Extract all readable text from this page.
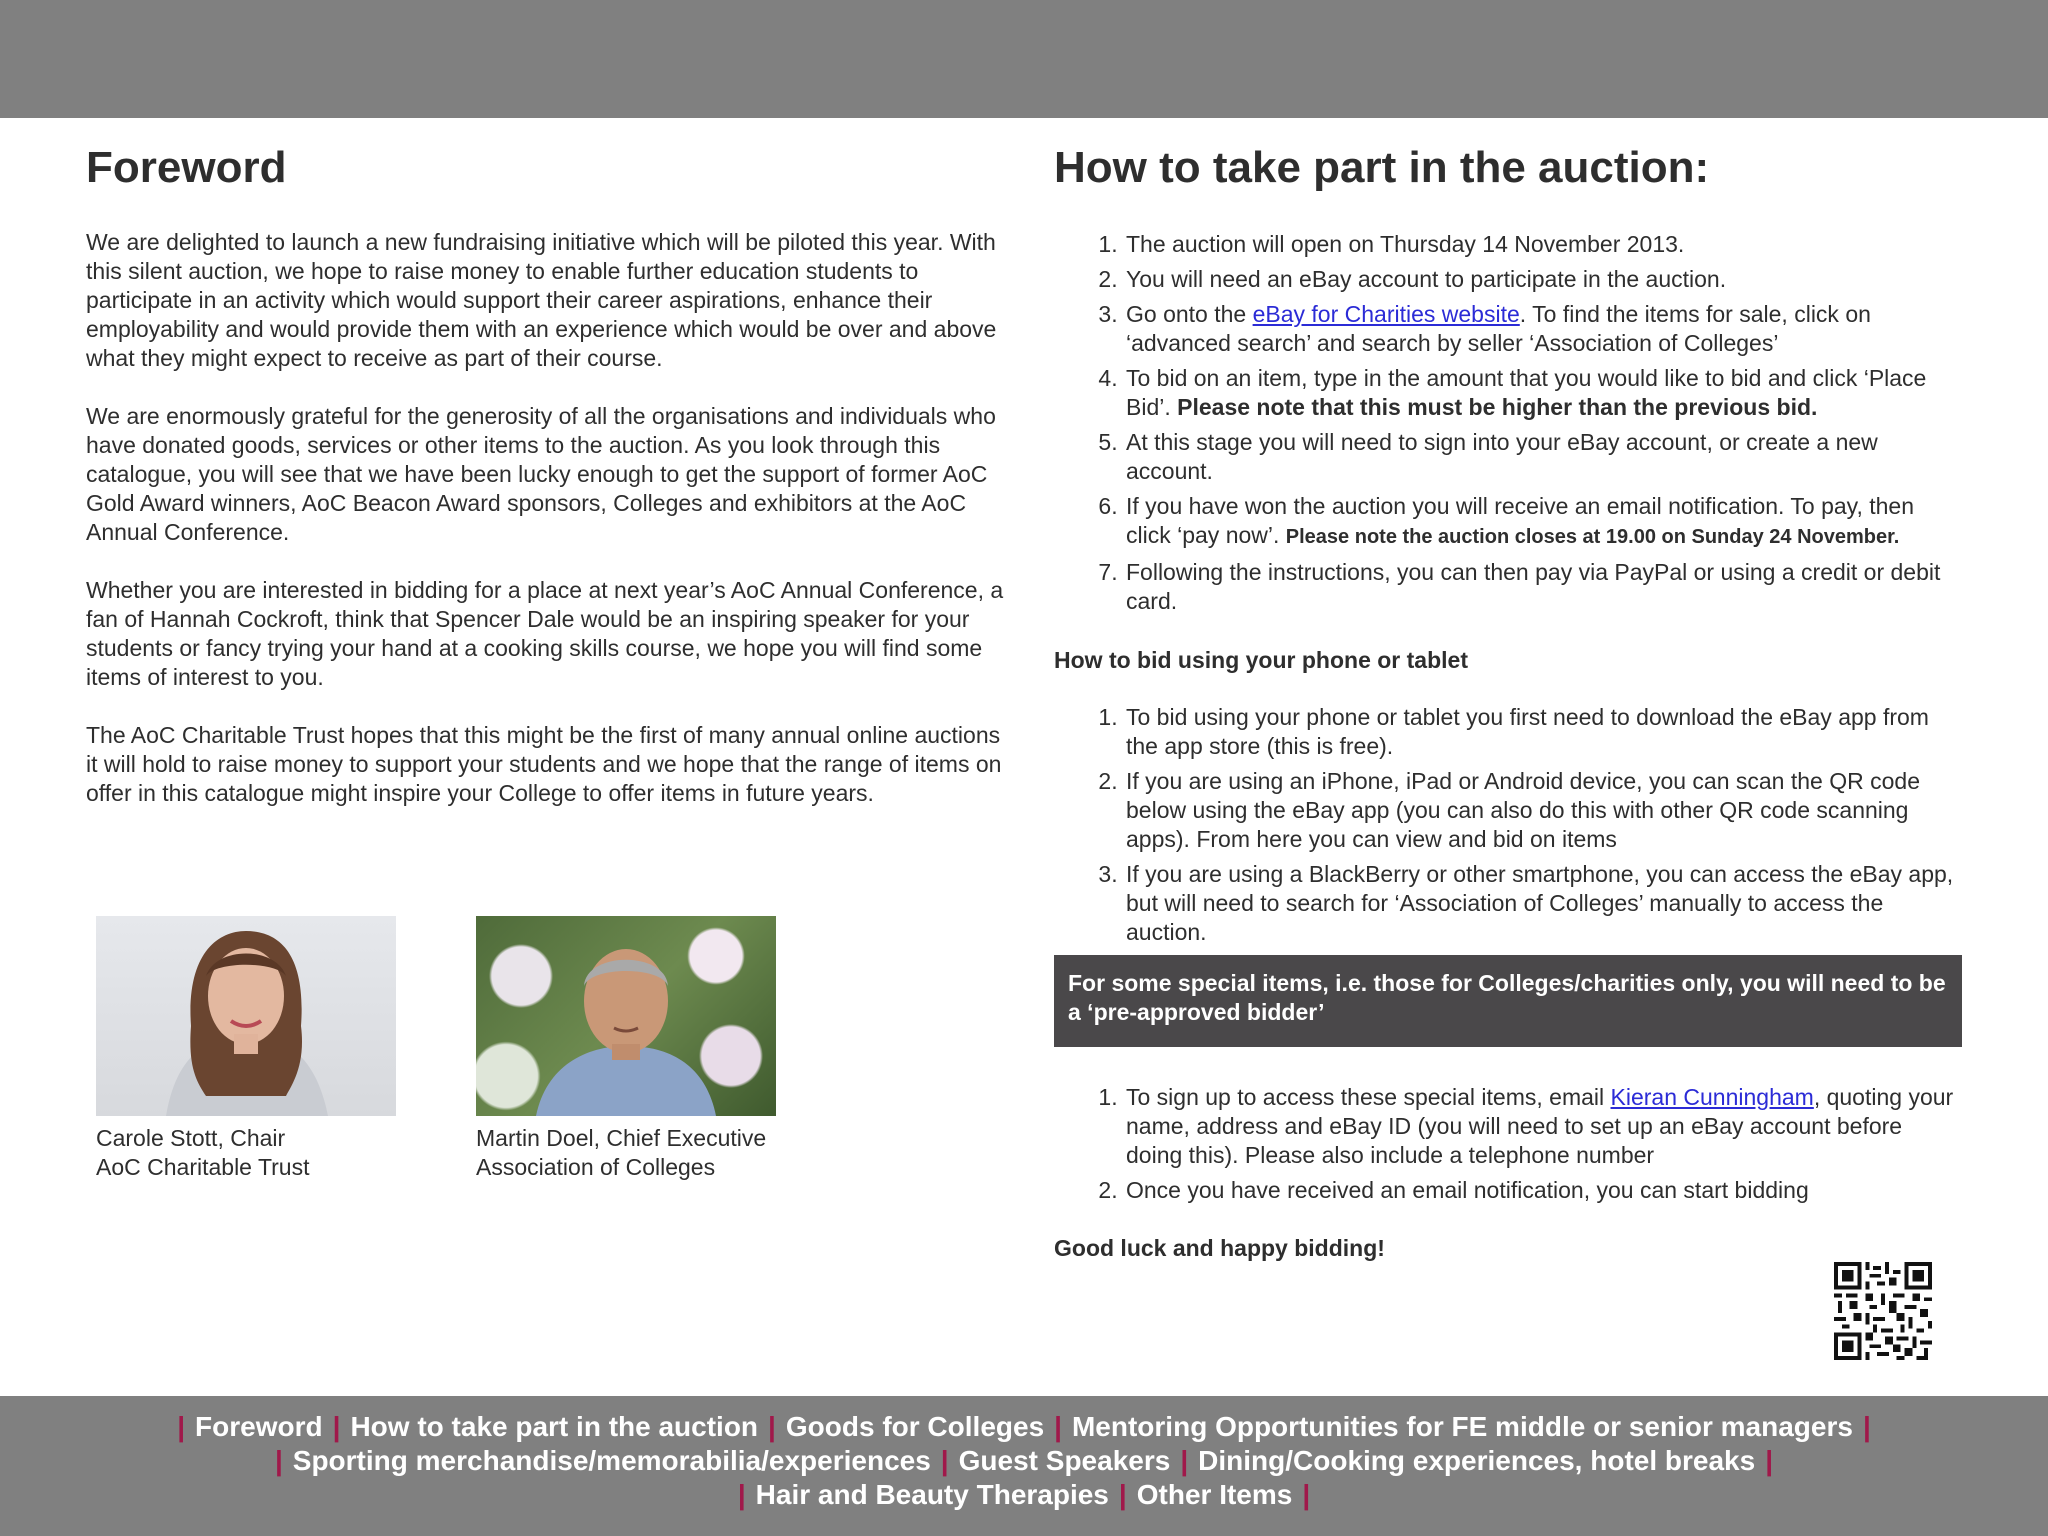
Foreword

We are delighted to launch a new fundraising initiative which will be piloted this year. With this silent auction, we hope to raise money to enable further education students to participate in an activity which would support their career aspirations, enhance their employability and would provide them with an experience which would be over and above what they might expect to receive as part of their course.

We are enormously grateful for the generosity of all the organisations and individuals who have donated goods, services or other items to the auction. As you look through this catalogue, you will see that we have been lucky enough to get the support of former AoC Gold Award winners, AoC Beacon Award sponsors, Colleges and exhibitors at the AoC Annual Conference.

Whether you are interested in bidding for a place at next year’s AoC Annual Conference, a fan of Hannah Cockroft, think that Spencer Dale would be an inspiring speaker for your students or fancy trying your hand at a cooking skills course, we hope you will find some items of interest to you.

The AoC Charitable Trust hopes that this might be the first of many annual online auctions it will hold to raise money to support your students and we hope that the range of items on offer in this catalogue might inspire your College to offer items in future years.

Carole Stott, Chair
AoC Charitable Trust
Martin Doel, Chief Executive
Association of Colleges
How to take part in the auction:
1. The auction will open on Thursday 14 November 2013.
2. You will need an eBay account to participate in the auction.
3. Go onto the eBay for Charities website. To find the items for sale, click on ‘advanced search’ and search by seller ‘Association of Colleges’
4. To bid on an item, type in the amount that you would like to bid and click ‘Place Bid’. Please note that this must be higher than the previous bid.
5. At this stage you will need to sign into your eBay account, or create a new account.
6. If you have won the auction you will receive an email notification. To pay, then click ‘pay now’. Please note the auction closes at 19.00 on Sunday 24 November.
7. Following the instructions, you can then pay via PayPal or using a credit or debit card.
How to bid using your phone or tablet
1. To bid using your phone or tablet you first need to download the eBay app from the app store (this is free).
2. If you are using an iPhone, iPad or Android device, you can scan the QR code below using the eBay app (you can also do this with other QR code scanning apps). From here you can view and bid on items
3. If you are using a BlackBerry or other smartphone, you can access the eBay app, but will need to search for ‘Association of Colleges’ manually to access the auction.
For some special items, i.e. those for Colleges/charities only, you will need to be a ‘pre-approved bidder’
1. To sign up to access these special items, email Kieran Cunningham, quoting your name, address and eBay ID (you will need to set up an eBay account before doing this). Please also include a telephone number
2. Once you have received an email notification, you can start bidding
Good luck and happy bidding!
| Foreword | How to take part in the auction | Goods for Colleges | Mentoring Opportunities for FE middle or senior managers |
| Sporting merchandise/memorabilia/experiences | Guest Speakers | Dining/Cooking experiences, hotel breaks |
| Hair and Beauty Therapies | Other Items |
